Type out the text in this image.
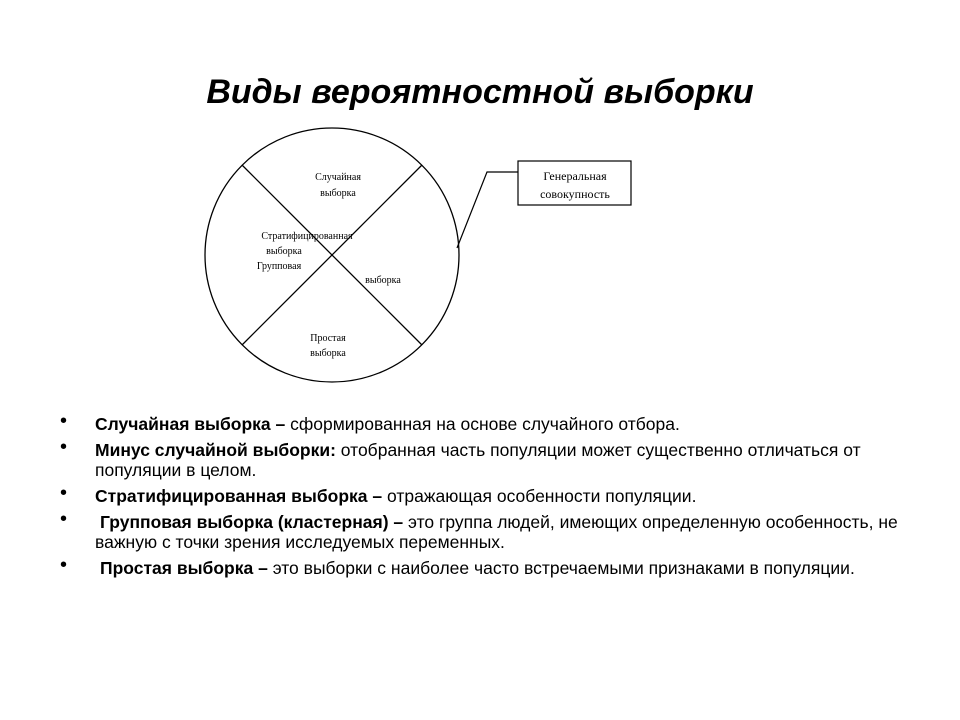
Виды вероятностной выборки
Генеральная
совокупность
Случайная
выборка
Стратифицированная
выборка
Групповая
выборка
Простая
выборка
• Случайная выборка – сформированная на основе случайного отбора.
• Минус случайной выборки: отобранная часть популяции может существенно отличаться от популяции в целом.
• Стратифицированная выборка – отражающая особенности популяции.
• Групповая выборка (кластерная) – это группа людей, имеющих определенную особенность, не важную с точки зрения исследуемых переменных.
• Простая выборка – это выборки с наиболее часто встречаемыми признаками в популяции.
